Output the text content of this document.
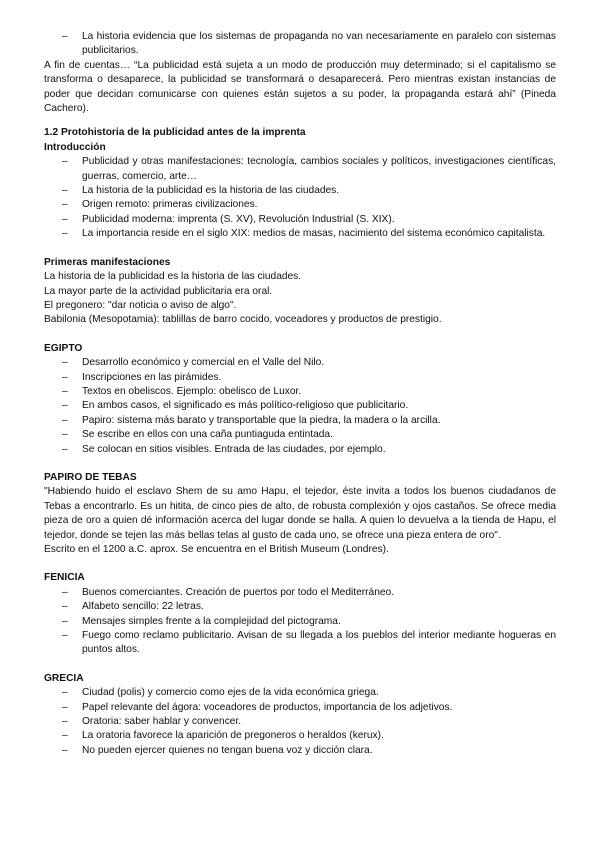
– La historia evidencia que los sistemas de propaganda no van necesariamente en paralelo con sistemas publicitarios.

A fin de cuentas… “La publicidad está sujeta a un modo de producción muy determinado; si el capitalismo se transforma o desaparece, la publicidad se transformará o desaparecerá. Pero mientras existan instancias de poder que decidan comunicarse con quienes están sujetos a su poder, la propaganda estará ahí” (Pineda Cachero).

1.2 Protohistoria de la publicidad antes de la imprenta

Introducción

– Publicidad y otras manifestaciones: tecnología, cambios sociales y políticos, investigaciones científicas, guerras, comercio, arte…
– La historia de la publicidad es la historia de las ciudades.
– Origen remoto: primeras civilizaciones.
– Publicidad moderna: imprenta (S. XV), Revolución Industrial (S. XIX).
– La importancia reside en el siglo XIX: medios de masas, nacimiento del sistema económico capitalista.

Primeras manifestaciones

La historia de la publicidad es la historia de las ciudades.

La mayor parte de la actividad publicitaria era oral.

El pregonero: "dar noticia o aviso de algo".

Babilonia (Mesopotamia): tablillas de barro cocido, voceadores y productos de prestigio.

EGIPTO

– Desarrollo económico y comercial en el Valle del Nilo.
– Inscripciones en las pirámides.
– Textos en obeliscos. Ejemplo: obelisco de Luxor.
– En ambos casos, el significado es más político-religioso que publicitario.
– Papiro: sistema más barato y transportable que la piedra, la madera o la arcilla.
– Se escribe en ellos con una caña puntiaguda entintada.
– Se colocan en sitios visibles. Entrada de las ciudades, por ejemplo.

PAPIRO DE TEBAS

"Habiendo huido el esclavo Shem de su amo Hapu, el tejedor, éste invita a todos los buenos ciudadanos de Tebas a encontrarlo. Es un hitita, de cinco pies de alto, de robusta complexión y ojos castaños. Se ofrece media pieza de oro a quien dé información acerca del lugar donde se halla. A quien lo devuelva a la tienda de Hapu, el tejedor, donde se tejen las más bellas telas al gusto de cada uno, se ofrece una pieza entera de oro".

Escrito en el 1200 a.C. aprox. Se encuentra en el British Museum (Londres).

FENICIA

– Buenos comerciantes. Creación de puertos por todo el Mediterráneo.
– Alfabeto sencillo: 22 letras.
– Mensajes simples frente a la complejidad del pictograma.
– Fuego como reclamo publicitario. Avisan de su llegada a los pueblos del interior mediante hogueras en puntos altos.

GRECIA

– Ciudad (polis) y comercio como ejes de la vida económica griega.
– Papel relevante del ágora: voceadores de productos, importancia de los adjetivos.
– Oratoria: saber hablar y convencer.
– La oratoria favorece la aparición de pregoneros o heraldos (kerux).
– No pueden ejercer quienes no tengan buena voz y dicción clara.
